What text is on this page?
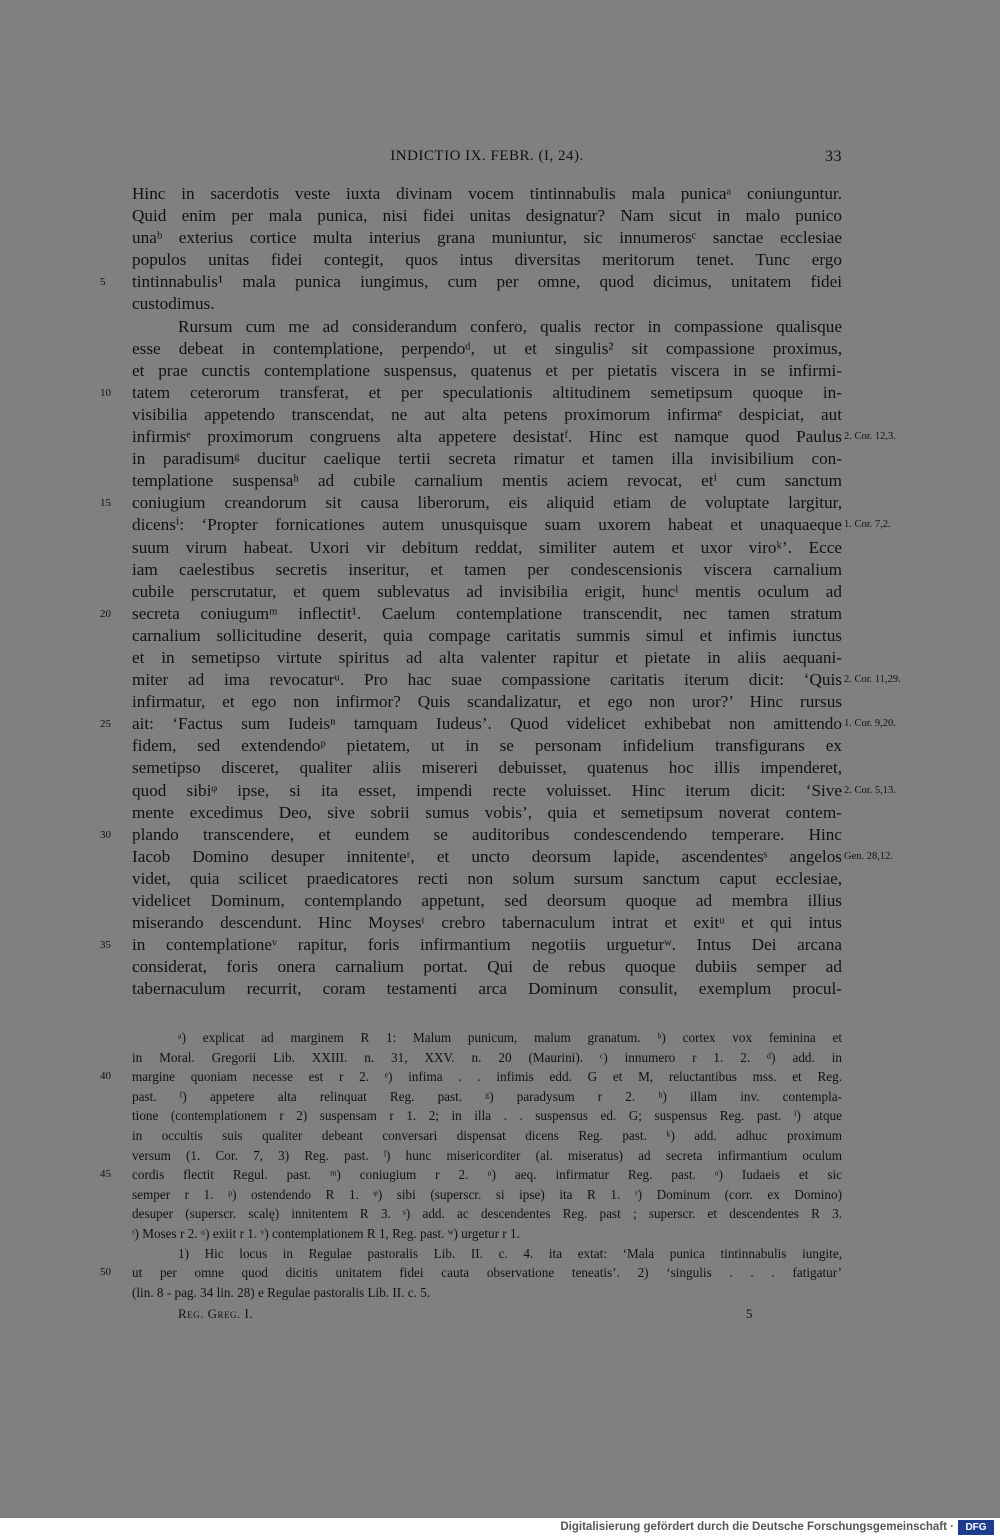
INDICTIO IX. FEBR. (I, 24).	33
Hinc in sacerdotis veste iuxta divinam vocem tintinnabulis mala punicaᵃ coniunguntur.
Quid enim per mala punica, nisi fidei unitas designatur? Nam sicut in malo punico
unaᵇ exterius cortice multa interius grana muniuntur, sic innumerosᶜ sanctae ecclesiae
populos unitas fidei contegit, quos intus diversitas meritorum tenet. Tunc ergo
tintinnabulis¹ mala punica iungimus, cum per omne, quod dicimus, unitatem fidei
5
custodimus.
Rursum cum me ad considerandum confero, qualis rector in compassione qualisque
esse debeat in contemplatione, perpendoᵈ, ut et singulis² sit compassione proximus,
et prae cunctis contemplatione suspensus, quatenus et per pietatis viscera in se infirmi-
tatem ceterorum transferat, et per speculationis altitudinem semetipsum quoque in-
10
visibilia appetendo transcendat, ne aut alta petens proximorum infirmaᵉ despiciat, aut
infirmisᵉ proximorum congruens alta appetere desistatᶠ. Hinc est namque quod Paulus 2. Cor. 12,3.
in paradisumᵍ ducitur caelique tertii secreta rimatur et tamen illa invisibilium con-
templatione suspensaʰ ad cubile carnalium mentis aciem revocat, etⁱ cum sanctum
coniugium creandorum sit causa liberorum, eis aliquid etiam de voluptate largitur,
15
dicensⁱ: ‘Propter fornicationes autem unusquisque suam uxorem habeat et unaquaeque 1. Cor. 7,2.
suum virum habeat. Uxori vir debitum reddat, similiter autem et uxor viroᵏ’. Ecce
iam caelestibus secretis inseritur, et tamen per condescensionis viscera carnalium
cubile perscrutatur, et quem sublevatus ad invisibilia erigit, huncˡ mentis oculum ad
secreta coniugumᵐ inflectit¹. Caelum contemplatione transcendit, nec tamen stratum
20
carnalium sollicitudine deserit, quia compage caritatis summis simul et infimis iunctus
et in semetipso virtute spiritus ad alta valenter rapitur et pietate in aliis aequani-
miter ad ima revocaturᵘ. Pro hac suae compassione caritatis iterum dicit: ‘Quis 2. Cor. 11,29.
infirmatur, et ego non infirmor? Quis scandalizatur, et ego non uror?’ Hinc rursus
ait: ‘Factus sum Iudeisⁿ tamquam Iudeus’. Quod videlicet exhibebat non amittendo
25	1. Cor. 9,20.
fidem, sed extendendoᵖ pietatem, ut in se personam infidelium transfigurans ex
semetipso disceret, qualiter aliis misereri debuisset, quatenus hoc illis impenderet,
quod sibiᵠ ipse, si ita esset, impendi recte voluisset. Hinc iterum dicit: ‘Sive 2. Cor. 5,13.
mente excedimus Deo, sive sobrii sumus vobis’, quia et semetipsum noverat contem-
plando transcendere, et eundem se auditoribus condescendendo temperare. Hinc
30
Iacob Domino desuper innitenteʳ, et uncto deorsum lapide, ascendentesˢ angelos Gen. 28,12.
videt, quia scilicet praedicatores recti non solum sursum sanctum caput ecclesiae,
videlicet Dominum, contemplando appetunt, sed deorsum quoque ad membra illius
miserando descendunt. Hinc Moysesᵗ crebro tabernaculum intrat et exitᵘ et qui intus
in contemplationeᵛ rapitur, foris infirmantium negotiis urgueturʷ. Intus Dei arcana
35
considerat, foris onera carnalium portat. Qui de rebus quoque dubiis semper ad
tabernaculum recurrit, coram testamenti arca Dominum consulit, exemplum procul-
ᵃ) explicat ad marginem R 1: Malum punicum, malum granatum. ᵇ) cortex vox feminina et
in Moral. Gregorii Lib. XXIII. n. 31, XXV. n. 20 (Maurini). ᶜ) innumero r 1. 2. ᵈ) add. in
margine quoniam necesse est r 2. ᵉ) infima . . infimis edd. G et M, reluctantibus mss. et Reg.
40
past. ᶠ) appetere alta relinquat Reg. past. ᵍ) paradysum r 2. ʰ) illam inv. contempla-
tione (contemplationem r 2) suspensam r 1. 2; in illa . . suspensus ed. G; suspensus Reg. past. ⁱ) atque
in occultis suis qualiter debeant conversari dispensat dicens Reg. past. ᵏ) add. adhuc proximum
versum (1. Cor. 7, 3) Reg. past. ˡ) hunc misericorditer (al. miseratus) ad secreta infirmantium oculum
cordis flectit Regul. past. ᵐ) coniugium r 2. ᵘ) aeq. infirmatur Reg. past. ᵒ) Iudaeis et sic
45
semper r 1. ᵖ) ostendendo R 1. ᵠ) sibi (superscr. si ipse) ita R 1. ʳ) Dominum (corr. ex Domino)
desuper (superscr. scalę) innitentem R 3. ˢ) add. ac descendentes Reg. past ; superscr. et descendentes R 3.
ᵗ) Moses r 2. ᵘ) exiit r 1. ᵛ) contemplationem R 1, Reg. past. ʷ) urgetur r 1.
1) Hic locus in Regulae pastoralis Lib. II. c. 4. ita extat: ‘Mala punica tintinnabulis iungite,
ut per omne quod dicitis unitatem fidei cauta observatione teneatis’. 2) ‘singulis . . . fatigatur’
50
(lin. 8 - pag. 34 lin. 28) e Regulae pastoralis Lib. II. c. 5.
Reg. Greg. I.	5
Digitalisierung gefördert durch die Deutsche Forschungsgemeinschaft ·	DFG
